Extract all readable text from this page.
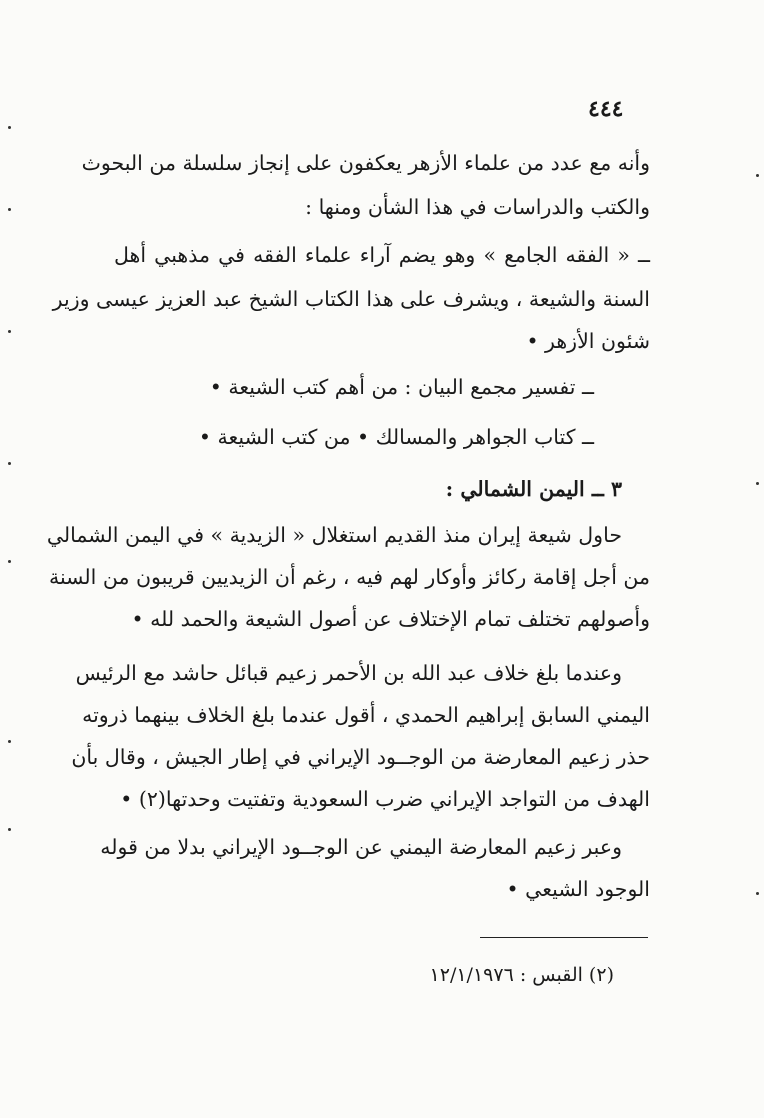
٤٤٤
وأنه مع عدد من علماء الأزهر يعكفون على إنجاز سلسلة من البحوث
والكتب والدراسات في هذا الشأن ومنها :
ــ « الفقه الجامع » وهو يضم آراء علماء الفقه في مذهبي أهل
السنة والشيعة ، ويشرف على هذا الكتاب الشيخ عبد العزيز عيسى وزير
شئون الأزهر •
ــ تفسير مجمع البيان : من أهم كتب الشيعة •
ــ كتاب الجواهر والمسالك • من كتب الشيعة •
٣ ــ اليمن الشمالي :
حاول شيعة إيران منذ القديم استغلال « الزيدية » في اليمن الشمالي
من أجل إقامة ركائز وأوكار لهم فيه ، رغم أن الزيديين قريبون من السنة
وأصولهم تختلف تمام الإختلاف عن أصول الشيعة والحمد لله •
وعندما بلغ خلاف عبد الله بن الأحمر زعيم قبائل حاشد مع الرئيس
اليمني السابق إبراهيم الحمدي ، أقول عندما بلغ الخلاف بينهما ذروته
حذر زعيم المعارضة من الوجــود الإيراني في إطار الجيش ، وقال بأن
الهدف من التواجد الإيراني ضرب السعودية وتفتيت وحدتها(٢) •
وعبر زعيم المعارضة اليمني عن الوجــود الإيراني بدلا من قوله
الوجود الشيعي •
(٢) القبس : ١٢/١/١٩٧٦
